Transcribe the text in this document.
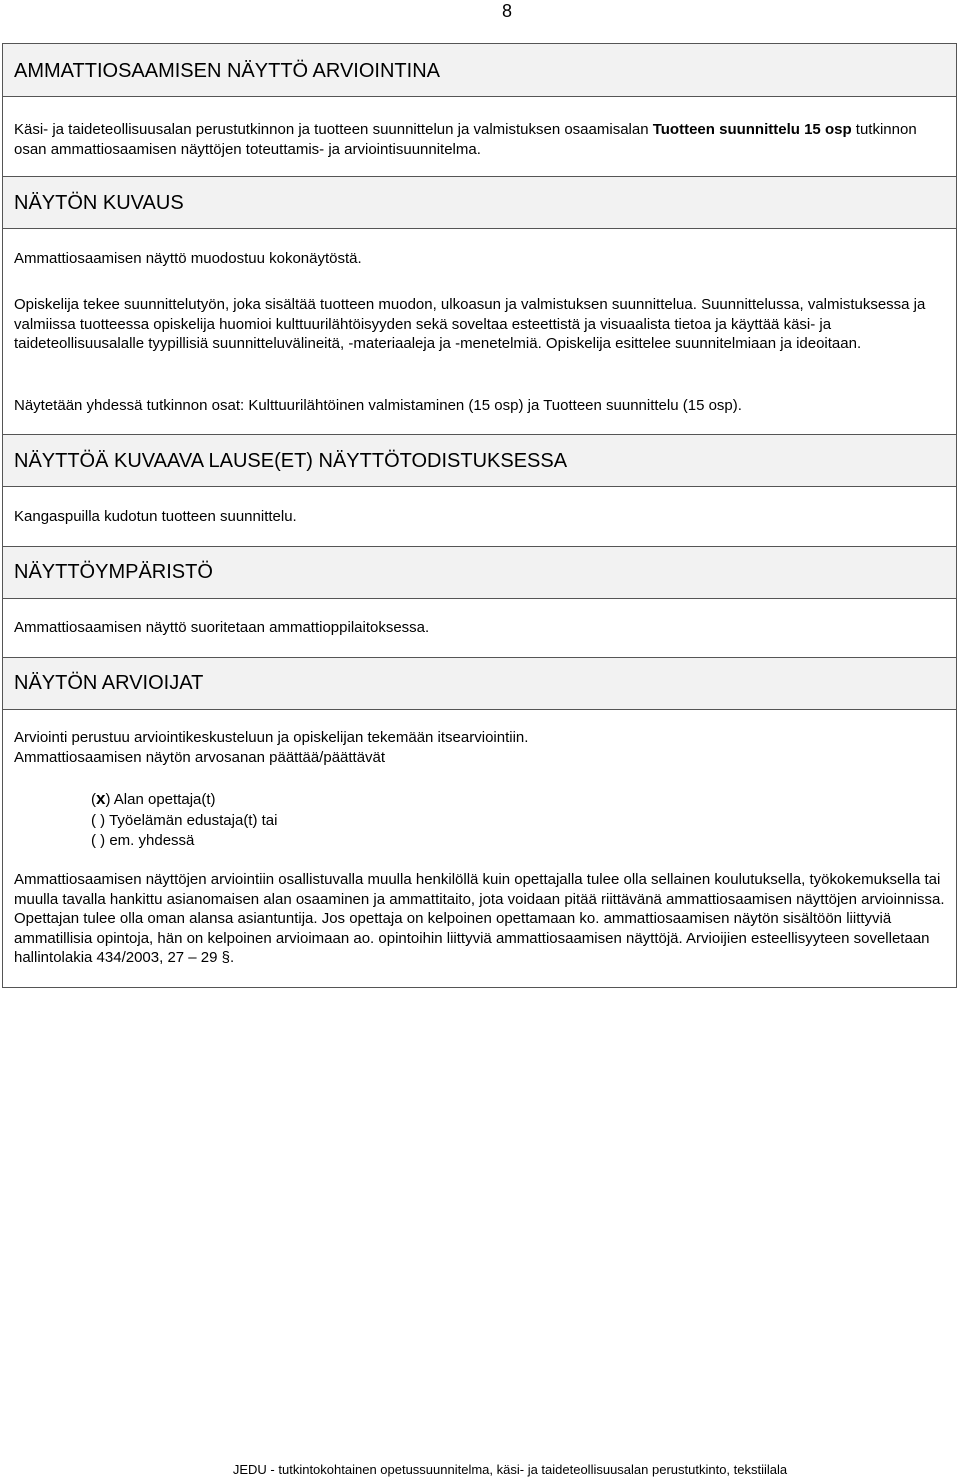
8
AMMATTIOSAAMISEN NÄYTTÖ ARVIOINTINA
Käsi- ja taideteollisuusalan perustutkinnon ja tuotteen suunnittelun ja valmistuksen osaamisalan Tuotteen suunnittelu 15 osp tutkinnon osan ammattiosaamisen näyttöjen toteuttamis- ja arviointisuunnitelma.
NÄYTÖN KUVAUS
Ammattiosaamisen näyttö muodostuu kokonäytöstä.
Opiskelija tekee suunnittelutyön, joka sisältää tuotteen muodon, ulkoasun ja valmistuksen suunnittelua. Suunnittelussa, valmistuksessa ja valmiissa tuotteessa opiskelija huomioi kulttuurilähtöisyyden sekä soveltaa esteettistä ja visuaalista tietoa ja käyttää käsi- ja taideteollisuusalalle tyypillisiä suunnitteluvälineitä, -materiaaleja ja -menetelmiä. Opiskelija esittelee suunnitelmiaan ja ideoitaan.
Näytetään yhdessä tutkinnon osat: Kulttuurilähtöinen valmistaminen (15 osp) ja Tuotteen suunnittelu (15 osp).
NÄYTTÖÄ KUVAAVA LAUSE(ET) NÄYTTÖTODISTUKSESSA
Kangaspuilla kudotun tuotteen suunnittelu.
NÄYTTÖYMPÄRISTÖ
Ammattiosaamisen näyttö suoritetaan ammattioppilaitoksessa.
NÄYTÖN ARVIOIJAT
Arviointi perustuu arviointikeskusteluun ja opiskelijan tekemään itsearviointiin.
Ammattiosaamisen näytön arvosanan päättää/päättävät
(x) Alan opettaja(t)
( ) Työelämän edustaja(t) tai
( ) em. yhdessä
Ammattiosaamisen näyttöjen arviointiin osallistuvalla muulla henkilöllä kuin opettajalla tulee olla sellainen koulutuksella, työkokemuksella tai muulla tavalla hankittu asianomaisen alan osaaminen ja ammattitaito, jota voidaan pitää riittävänä ammattiosaamisen näyttöjen arvioinnissa. Opettajan tulee olla oman alansa asiantuntija. Jos opettaja on kelpoinen opettamaan ko. ammattiosaamisen näytön sisältöön liittyviä ammatillisia opintoja, hän on kelpoinen arvioimaan ao. opintoihin liittyviä ammattiosaamisen näyttöjä. Arvioijien esteellisyyteen sovelletaan hallintolakia 434/2003, 27 – 29 §.
JEDU - tutkintokohtainen opetussuunnitelma, käsi- ja taideteollisuusalan perustutkinto, tekstiilala
